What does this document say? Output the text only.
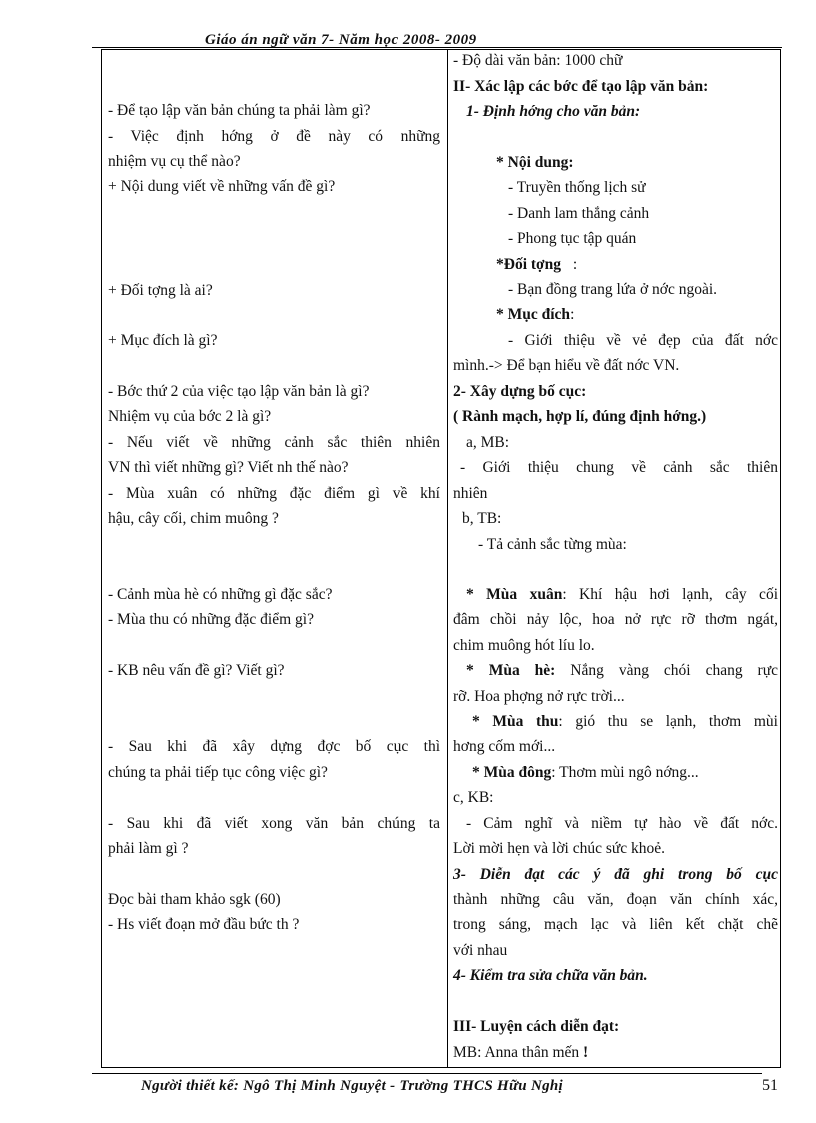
Giáo án ngữ văn 7- Năm học 2008- 2009
- Để tạo lập văn bản chúng ta phải làm gì?
- Việc định hớng ở đề này có những
nhiệm vụ cụ thể nào?
+ Nội dung viết về những vấn đề gì?
+ Đối tợng là ai?
+ Mục đích là gì?
- Bớc thứ 2 của việc tạo lập văn bản là gì?
Nhiệm vụ của bớc 2 là gì?
- Nếu viết về những cảnh sắc thiên nhiên
VN thì viết những gì? Viết nh thế nào?
- Mùa xuân có những đặc điểm gì về khí
hậu, cây cối, chim muông ?
- Cảnh mùa hè có những gì đặc sắc?
- Mùa thu có những đặc điểm gì?
- KB nêu vấn đề gì? Viết gì?
- Sau khi đã xây dựng đợc bố cục thì
chúng ta phải tiếp tục công việc gì?
- Sau khi đã viết xong văn bản chúng ta
phải làm gì ?
Đọc bài tham khảo sgk (60)
- Hs viết đoạn mở đầu bức th ?
- Độ dài văn bản: 1000 chữ
II- Xác lập các bớc để tạo lập văn bản:
1- Định hớng cho văn bản:
* Nội dung:
- Truyền thống lịch sử
- Danh lam thắng cảnh
- Phong tục tập quán
*Đối tợng :
- Bạn đồng trang lứa ở nớc ngoài.
* Mục đích:
- Giới thiệu về vẻ đẹp của đất nớc
mình.-> Để bạn hiểu về đất nớc VN.
2- Xây dựng bố cục:
( Rành mạch, hợp lí, đúng định hớng.)
a, MB:
- Giới thiệu chung về cảnh sắc thiên
nhiên
b, TB:
- Tả cảnh sắc từng mùa:
* Mùa xuân: Khí hậu hơi lạnh, cây cối
đâm chồi nảy lộc, hoa nở rực rỡ thơm ngát,
chim muông hót líu lo.
* Mùa hè: Nắng vàng chói chang rực
rỡ. Hoa phợng nở rực trời...
* Mùa thu: gió thu se lạnh, thơm mùi
hơng cốm mới...
* Mùa đông: Thơm mùi ngô nớng...
c, KB:
- Cảm nghĩ và niềm tự hào về đất nớc.
Lời mời hẹn và lời chúc sức khoẻ.
3- Diễn đạt các ý đã ghi trong bố cục
thành những câu văn, đoạn văn chính xác,
trong sáng, mạch lạc và liên kết chặt chẽ
với nhau
4- Kiểm tra sửa chữa văn bản.
III- Luyện cách diễn đạt:
MB: Anna thân mến !
Người thiết kế: Ngô Thị Minh Nguyệt - Trường THCS Hữu Nghị	51
